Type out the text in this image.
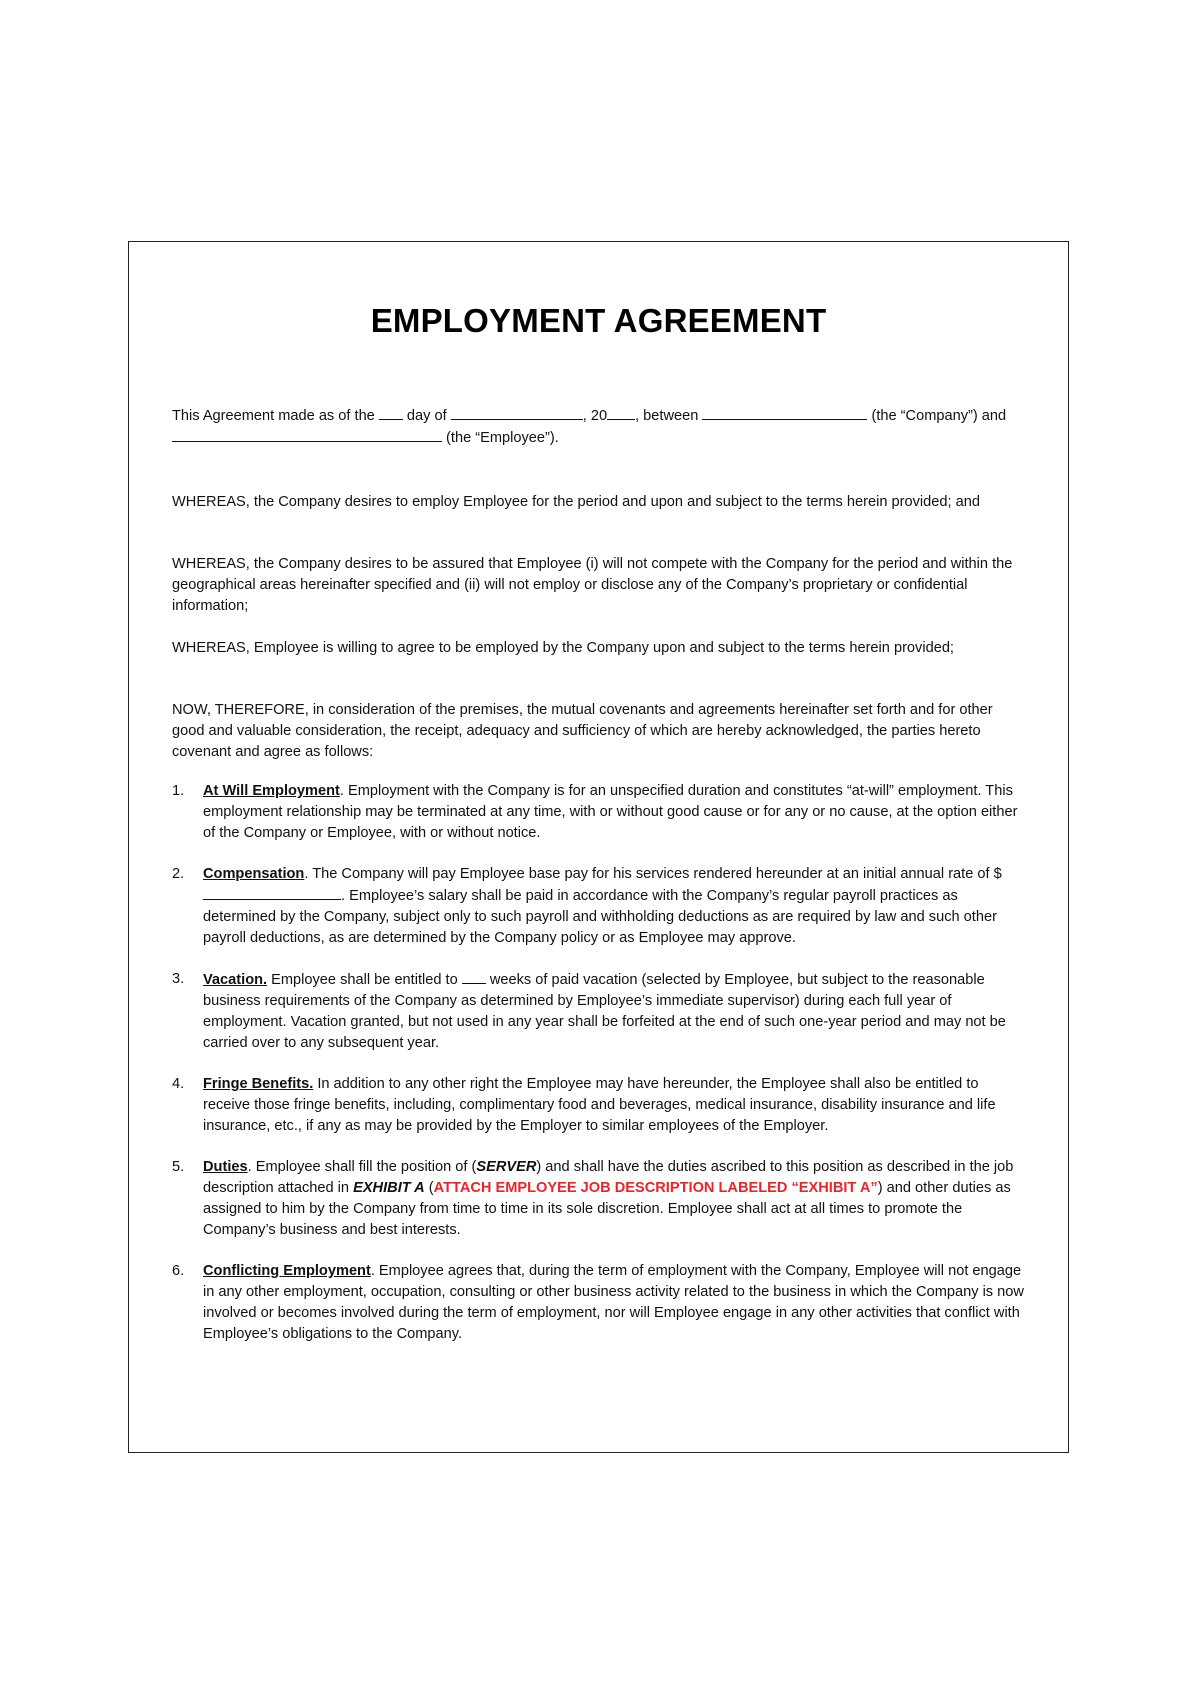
EMPLOYMENT AGREEMENT
This Agreement made as of the  day of	, 20 , between	(the “Company”) and  (the “Employee”).

WHEREAS, the Company desires to employ Employee for the period and upon and subject to the terms herein provided; and

WHEREAS, the Company desires to be assured that Employee (i) will not compete with the Company for the period and within the geographical areas hereinafter specified and (ii) will not employ or disclose any of the Company’s proprietary or confidential information;

WHEREAS, Employee is willing to agree to be employed by the Company upon and subject to the terms herein provided;

NOW, THEREFORE, in consideration of the premises, the mutual covenants and agreements hereinafter set forth and for other good and valuable consideration, the receipt, adequacy and sufficiency of which are hereby acknowledged, the parties hereto covenant and agree as follows:

1. At Will Employment. Employment with the Company is for an unspecified duration and constitutes “at-will” employment. This employment relationship may be terminated at any time, with or without good cause or for any or no cause, at the option either of the Company or Employee, with or without notice.
2. Compensation. The Company will pay Employee base pay for his services rendered hereunder at an initial annual rate of $. Employee’s salary shall be paid in accordance with the Company’s regular payroll practices as determined by the Company, subject only to such payroll and withholding deductions as are required by law and such other payroll deductions, as are determined by the Company policy or as Employee may approve.
3. Vacation. Employee shall be entitled to  weeks of paid vacation (selected by Employee, but subject to the reasonable business requirements of the Company as determined by Employee’s immediate supervisor) during each full year of employment. Vacation granted, but not used in any year shall be forfeited at the end of such one-year period and may not be carried over to any subsequent year.
4. Fringe Benefits. In addition to any other right the Employee may have hereunder, the Employee shall also be entitled to receive those fringe benefits, including, complimentary food and beverages, medical insurance, disability insurance and life insurance, etc., if any as may be provided by the Employer to similar employees of the Employer.
5. Duties. Employee shall fill the position of (SERVER) and shall have the duties ascribed to this position as described in the job description attached in EXHIBIT A (ATTACH EMPLOYEE JOB DESCRIPTION LABELED “EXHIBIT A”) and other duties as assigned to him by the Company from time to time in its sole discretion. Employee shall act at all times to promote the Company’s business and best interests.
6. Conflicting Employment. Employee agrees that, during the term of employment with the Company, Employee will not engage in any other employment, occupation, consulting or other business activity related to the business in which the Company is now involved or becomes involved during the term of employment, nor will Employee engage in any other activities that conflict with Employee’s obligations to the Company.
